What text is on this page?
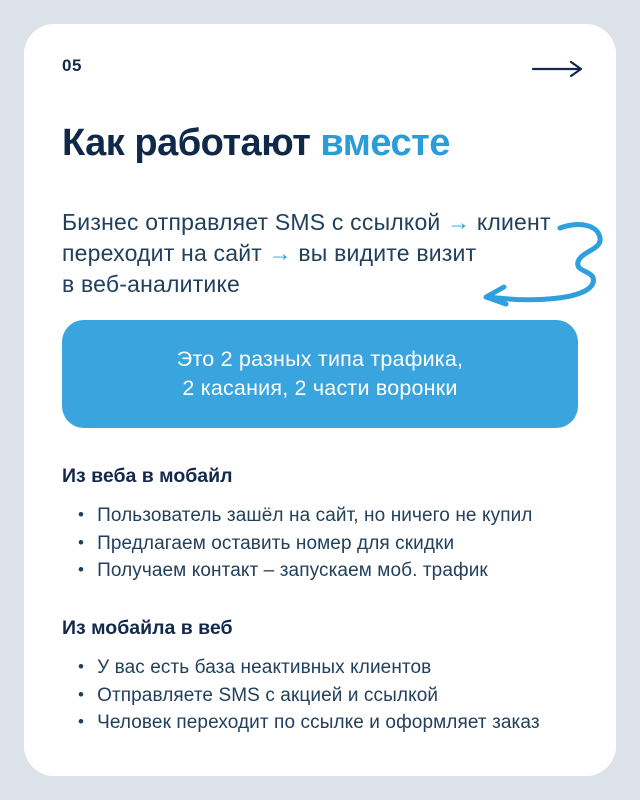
05
Как работают вместе
Бизнес отправляет SMS с ссылкой → клиент
переходит на сайт → вы видите визит
в веб-аналитике
Это 2 разных типа трафика,
2 касания, 2 части воронки
Из веба в мобайл
• Пользователь зашёл на сайт, но ничего не купил
• Предлагаем оставить номер для скидки
• Получаем контакт – запускаем моб. трафик
Из мобайла в веб
• У вас есть база неактивных клиентов
• Отправляете SMS с акцией и ссылкой
• Человек переходит по ссылке и оформляет заказ
